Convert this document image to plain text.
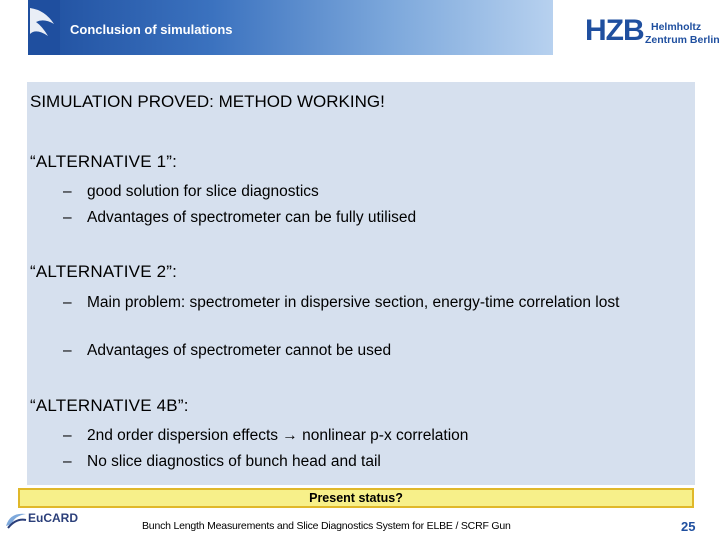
Conclusion of simulations	HZB Helmholtz
Zentrum Berlin
SIMULATION PROVED: METHOD WORKING!
“ALTERNATIVE 1”:
– good solution for slice diagnostics
– Advantages of spectrometer can be fully utilised
“ALTERNATIVE 2”:
– Main problem: spectrometer in dispersive section, energy-time correlation lost
– Advantages of spectrometer cannot be used
“ALTERNATIVE 4B”:
– 2nd order dispersion effects → nonlinear p-x correlation
– No slice diagnostics of bunch head and tail
Present status?
EuCARD
Bunch Length Measurements and Slice Diagnostics System for ELBE / SCRF Gun	25
